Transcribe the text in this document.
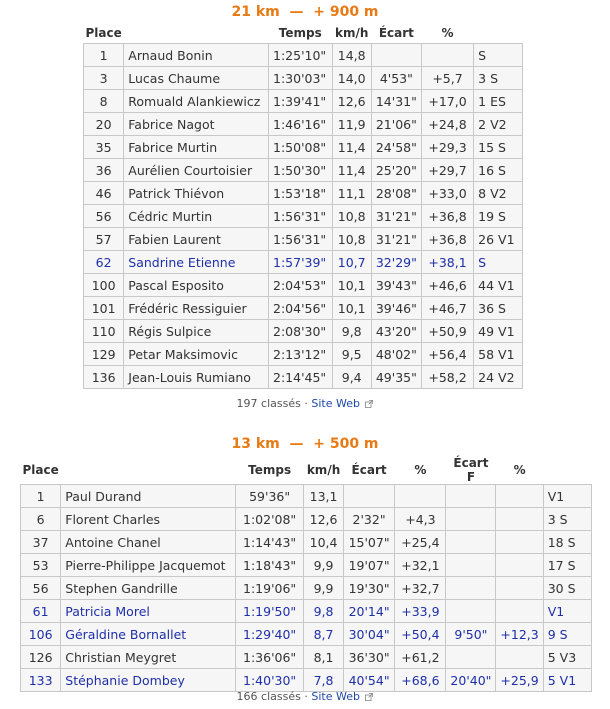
21 km — + 900 m
Place		Temps	km/h	Écart	%	
1	Arnaud Bonin	1:25'10"	14,8			S
3	Lucas Chaume	1:30'03"	14,0	4'53"	+5,7	3 S
8	Romuald Alankiewicz	1:39'41"	12,6	14'31"	+17,0	1 ES
20	Fabrice Nagot	1:46'16"	11,9	21'06"	+24,8	2 V2
35	Fabrice Murtin	1:50'08"	11,4	24'58"	+29,3	15 S
36	Aurélien Courtoisier	1:50'30"	11,4	25'20"	+29,7	16 S
46	Patrick Thiévon	1:53'18"	11,1	28'08"	+33,0	8 V2
56	Cédric Murtin	1:56'31"	10,8	31'21"	+36,8	19 S
57	Fabien Laurent	1:56'31"	10,8	31'21"	+36,8	26 V1
62	Sandrine Etienne	1:57'39"	10,7	32'29"	+38,1	S
100	Pascal Esposito	2:04'53"	10,1	39'43"	+46,6	44 V1
101	Frédéric Ressiguier	2:04'56"	10,1	39'46"	+46,7	36 S
110	Régis Sulpice	2:08'30"	9,8	43'20"	+50,9	49 V1
129	Petar Maksimovic	2:13'12"	9,5	48'02"	+56,4	58 V1
136	Jean-Louis Rumiano	2:14'45"	9,4	49'35"	+58,2	24 V2
197 classés · Site Web
13 km — + 500 m
Place		Temps	km/h	Écart	%	Écart F	%	
1	Paul Durand	59'36"	13,1					V1
6	Florent Charles	1:02'08"	12,6	2'32"	+4,3			3 S
37	Antoine Chanel	1:14'43"	10,4	15'07"	+25,4			18 S
53	Pierre-Philippe Jacquemot	1:18'43"	9,9	19'07"	+32,1			17 S
56	Stephen Gandrille	1:19'06"	9,9	19'30"	+32,7			30 S
61	Patricia Morel	1:19'50"	9,8	20'14"	+33,9			V1
106	Géraldine Bornallet	1:29'40"	8,7	30'04"	+50,4	9'50"	+12,3	9 S
126	Christian Meygret	1:36'06"	8,1	36'30"	+61,2			5 V3
133	Stéphanie Dombey	1:40'30"	7,8	40'54"	+68,6	20'40"	+25,9	5 V1
166 classés · Site Web
